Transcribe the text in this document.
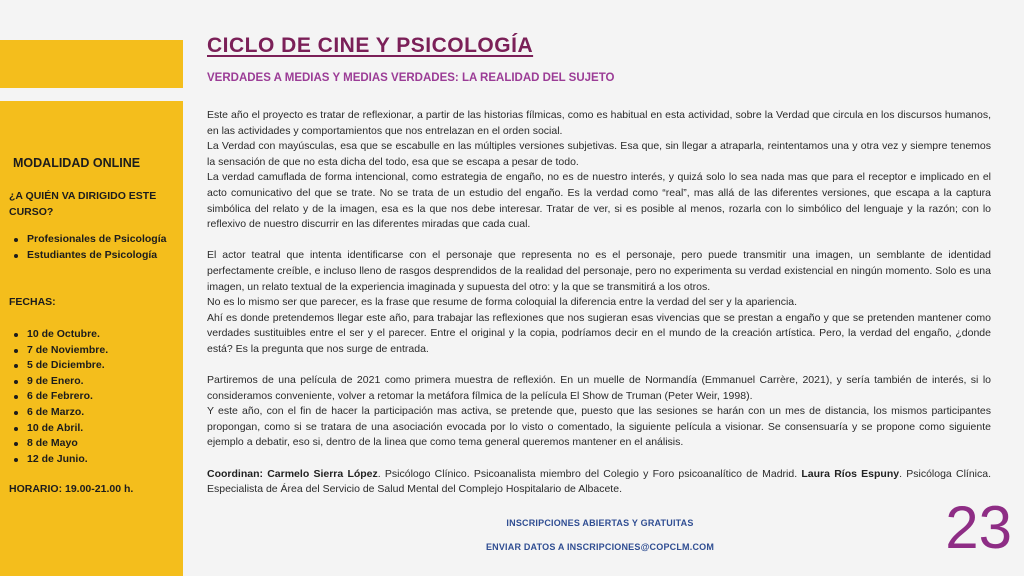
MODALIDAD ONLINE
¿A QUIÉN VA DIRIGIDO ESTE CURSO?
Profesionales de Psicología
Estudiantes de Psicología
FECHAS:
10 de Octubre.
7 de Noviembre.
5 de Diciembre.
9 de Enero.
6 de Febrero.
6 de Marzo.
10 de Abril.
8 de Mayo
12 de Junio.
HORARIO: 19.00-21.00 h.
CICLO DE CINE Y PSICOLOGÍA
VERDADES A MEDIAS Y MEDIAS VERDADES: LA REALIDAD DEL SUJETO

Este año el proyecto es tratar de reflexionar, a partir de las historias fílmicas, como es habitual en esta actividad, sobre la Verdad que circula en los discursos humanos, en las actividades y comportamientos que nos entrelazan en el orden social.

La Verdad con mayúsculas, esa que se escabulle en las múltiples versiones subjetivas. Esa que, sin llegar a atraparla, reintentamos una y otra vez y siempre tenemos la sensación de que no esta dicha del todo, esa que se escapa a pesar de todo.

La verdad camuflada de forma intencional, como estrategia de engaño, no es de nuestro interés, y quizá solo lo sea nada mas que para el receptor e implicado en el acto comunicativo del que se trate. No se trata de un estudio del engaño. Es la verdad como “real”, mas allá de las diferentes versiones, que escapa a la captura simbólica del relato y de la imagen, esa es la que nos debe interesar. Tratar de ver, si es posible al menos, rozarla con lo simbólico del lenguaje y la razón; con lo reflexivo de nuestro discurrir en las diferentes miradas que cada cual.

El actor teatral que intenta identificarse con el personaje que representa no es el personaje, pero puede transmitir una imagen, un semblante de identidad perfectamente creíble, e incluso lleno de rasgos desprendidos de la realidad del personaje, pero no experimenta su verdad existencial en ningún momento. Solo es una imagen, un relato textual de la experiencia imaginada y supuesta del otro: y la que se transmitirá a los otros.

No es lo mismo ser que parecer, es la frase que resume de forma coloquial la diferencia entre la verdad del ser y la apariencia.

Ahí es donde pretendemos llegar este año, para trabajar las reflexiones que nos sugieran esas vivencias que se prestan a engaño y que se pretenden mantener como verdades sustituibles entre el ser y el parecer. Entre el original y la copia, podríamos decir en el mundo de la creación artística. Pero, la verdad del engaño, ¿donde está? Es la pregunta que nos surge de entrada.

Partiremos de una película de 2021 como primera muestra de reflexión. En un muelle de Normandía (Emmanuel Carrère, 2021), y sería también de interés, si lo consideramos conveniente, volver a retomar la metáfora fílmica de la película El Show de Truman (Peter Weir, 1998).

Y este año, con el fin de hacer la participación mas activa, se pretende que, puesto que las sesiones se harán con un mes de distancia, los mismos participantes propongan, como si se tratara de una asociación evocada por lo visto o comentado, la siguiente película a visionar. Se consensuaría y se propone como siguiente ejemplo a debatir, eso si, dentro de la linea que como tema general queremos mantener en el análisis.

Coordinan: Carmelo Sierra López. Psicólogo Clínico. Psicoanalista miembro del Colegio y Foro psicoanalítico de Madrid. Laura Ríos Espuny. Psicóloga Clínica. Especialista de Área del Servicio de Salud Mental del Complejo Hospitalario de Albacete.

INSCRIPCIONES ABIERTAS Y GRATUITAS
ENVIAR DATOS A INSCRIPCIONES@COPCLM.COM	23
